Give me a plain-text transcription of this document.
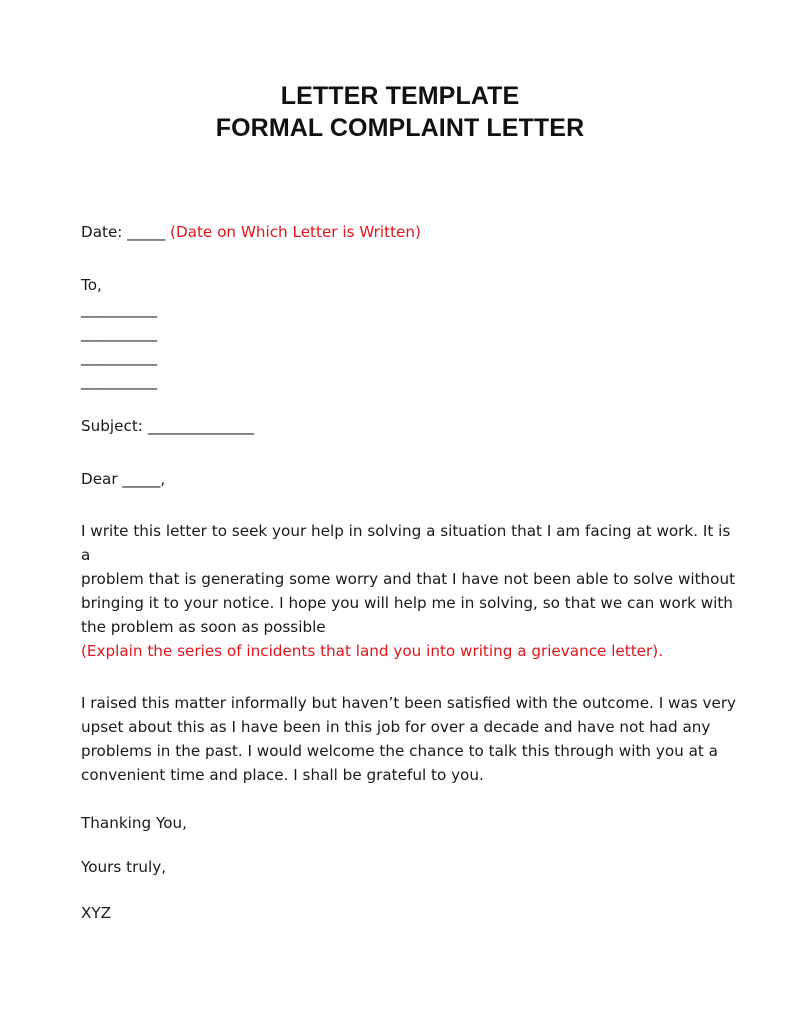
LETTER TEMPLATE
FORMAL COMPLAINT LETTER
Date: _____ (Date on Which Letter is Written)
To,
__________
__________
__________
__________
Subject: ______________
Dear _____,
I write this letter to seek your help in solving a situation that I am facing at work. It is a
problem that is generating some worry and that I have not been able to solve without
bringing it to your notice. I hope you will help me in solving, so that we can work with
the problem as soon as possible
(Explain the series of incidents that land you into writing a grievance letter).
I raised this matter informally but haven’t been satisfied with the outcome. I was very
upset about this as I have been in this job for over a decade and have not had any
problems in the past. I would welcome the chance to talk this through with you at a
convenient time and place. I shall be grateful to you.
Thanking You,
Yours truly,
XYZ
